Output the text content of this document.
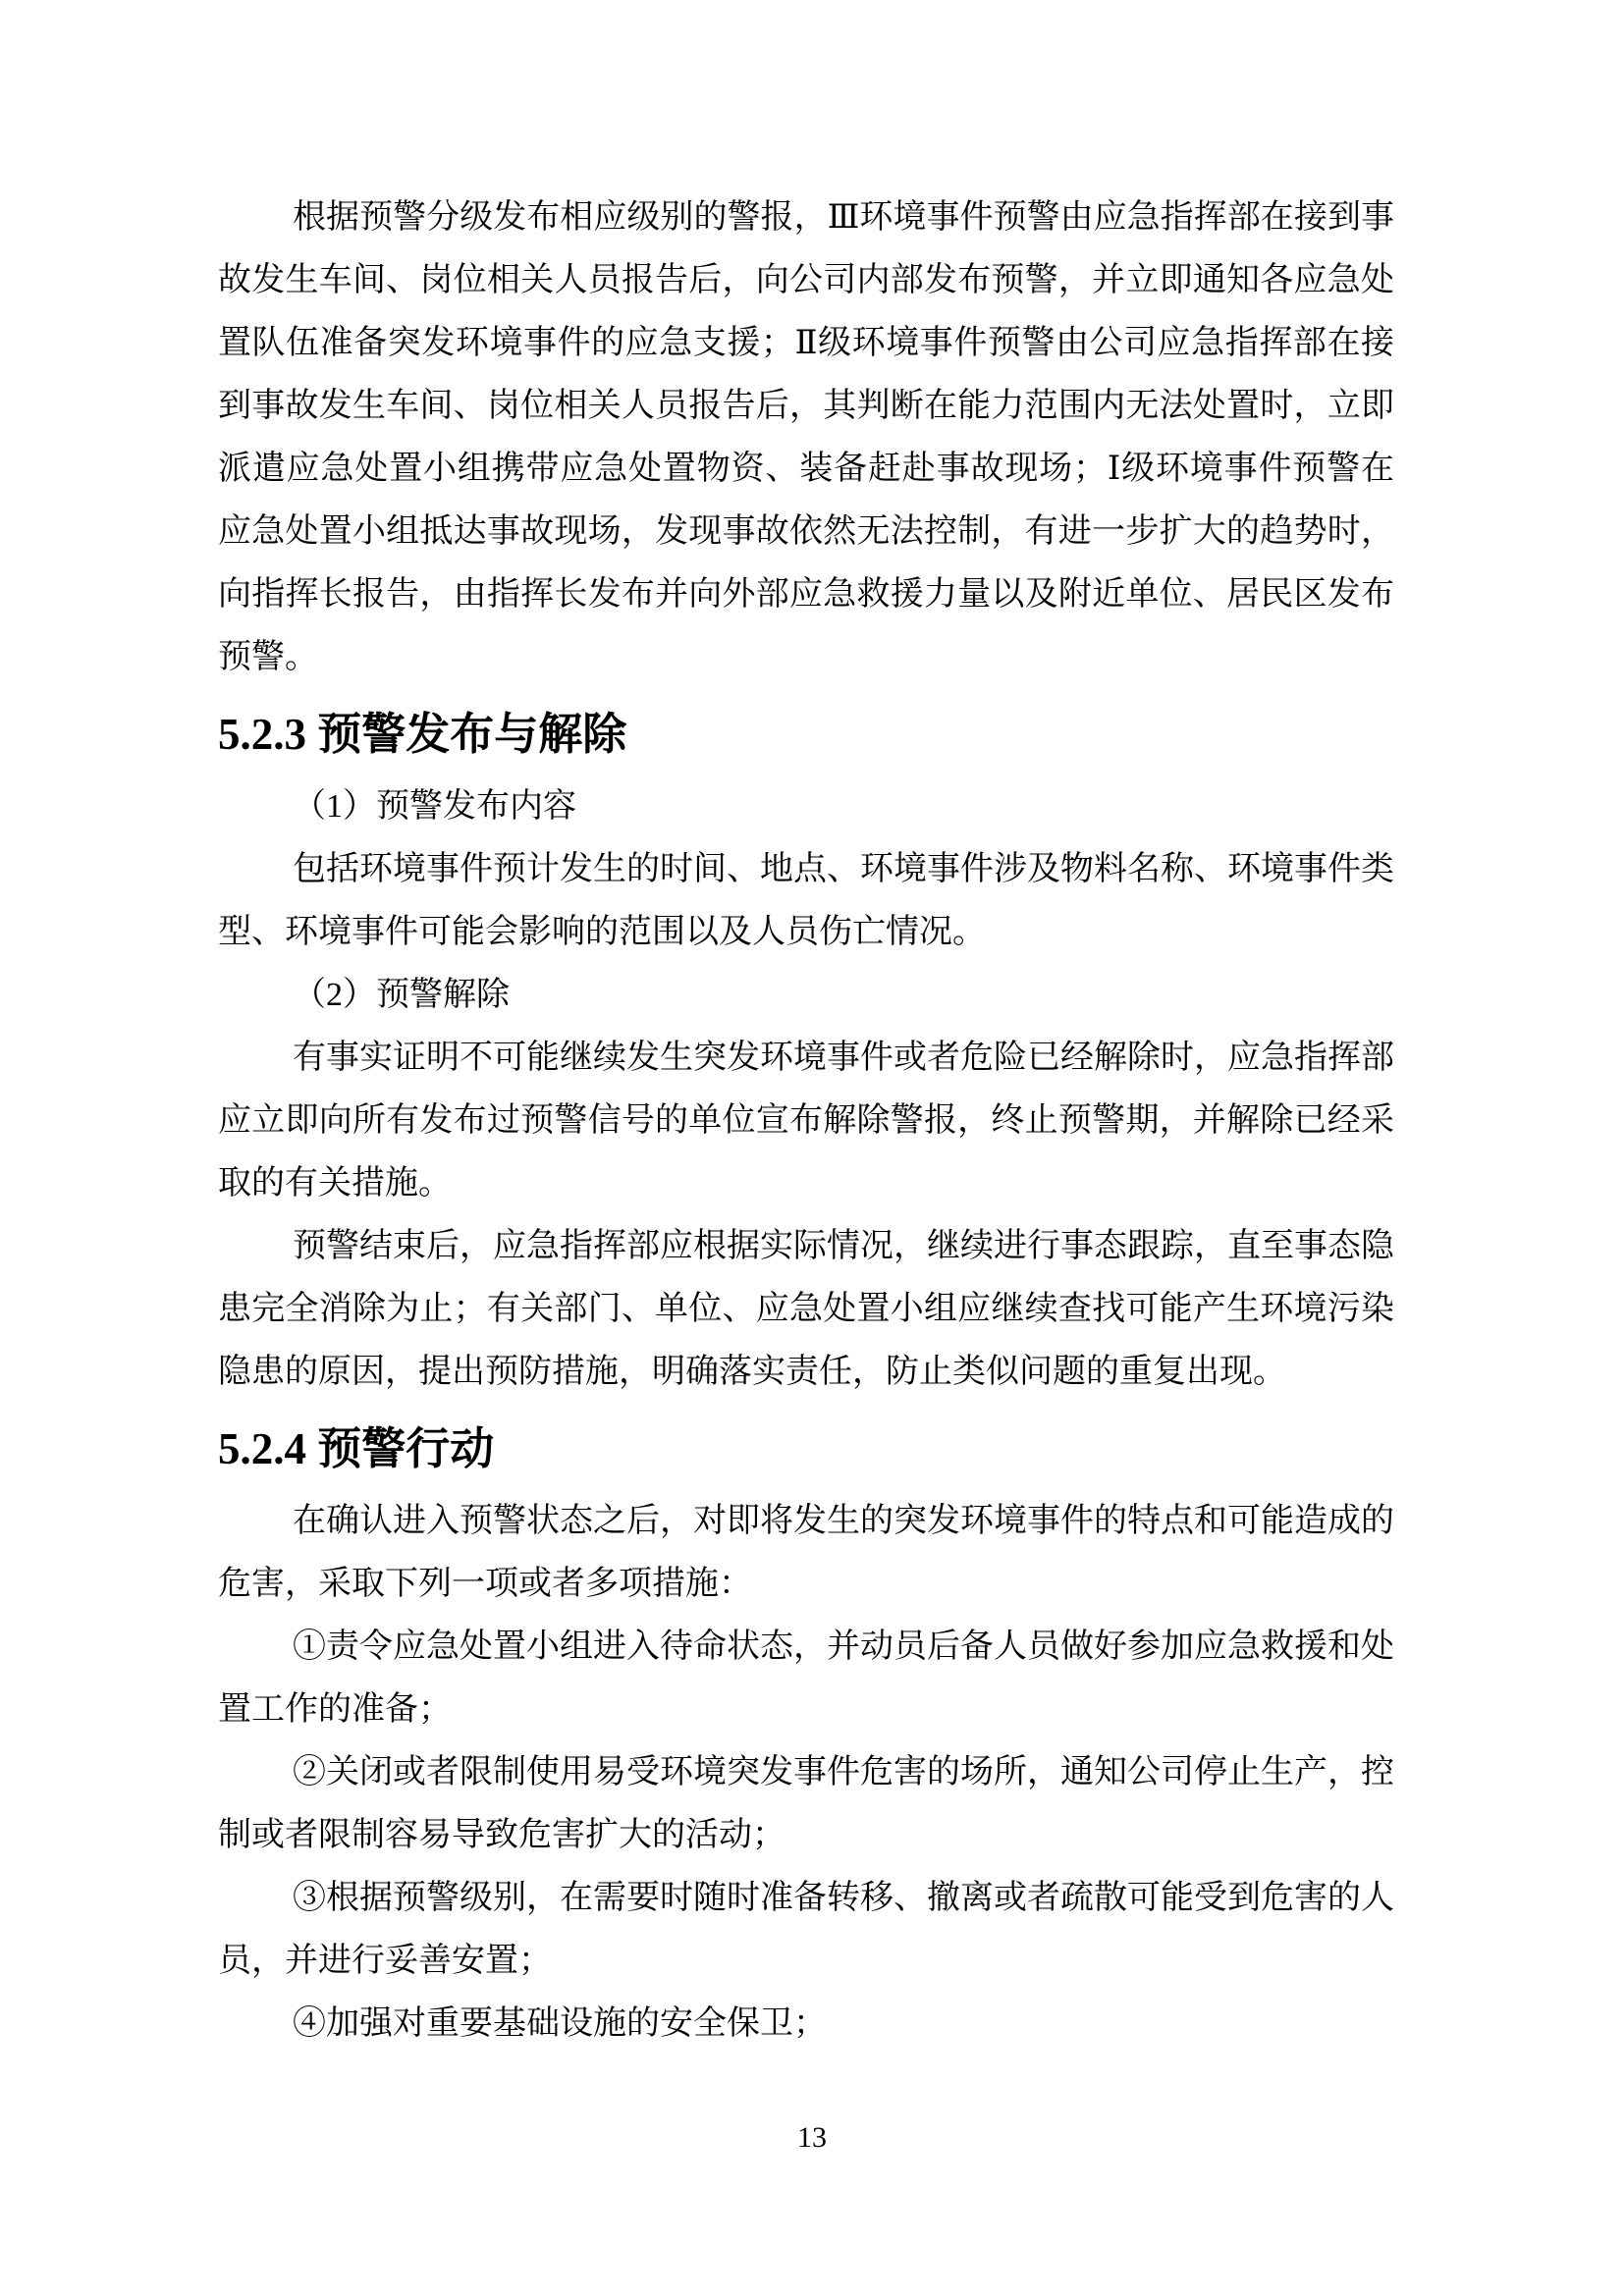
根据预警分级发布相应级别的警报，Ⅲ环境事件预警由应急指挥部在接到事故发生车间、岗位相关人员报告后，向公司内部发布预警，并立即通知各应急处置队伍准备突发环境事件的应急支援；Ⅱ级环境事件预警由公司应急指挥部在接到事故发生车间、岗位相关人员报告后，其判断在能力范围内无法处置时，立即派遣应急处置小组携带应急处置物资、装备赶赴事故现场；Ⅰ级环境事件预警在应急处置小组抵达事故现场，发现事故依然无法控制，有进一步扩大的趋势时，向指挥长报告，由指挥长发布并向外部应急救援力量以及附近单位、居民区发布预警。

5.2.3 预警发布与解除

（1）预警发布内容

包括环境事件预计发生的时间、地点、环境事件涉及物料名称、环境事件类型、环境事件可能会影响的范围以及人员伤亡情况。

（2）预警解除

有事实证明不可能继续发生突发环境事件或者危险已经解除时，应急指挥部应立即向所有发布过预警信号的单位宣布解除警报，终止预警期，并解除已经采取的有关措施。

预警结束后，应急指挥部应根据实际情况，继续进行事态跟踪，直至事态隐患完全消除为止；有关部门、单位、应急处置小组应继续查找可能产生环境污染隐患的原因，提出预防措施，明确落实责任，防止类似问题的重复出现。

5.2.4 预警行动

在确认进入预警状态之后，对即将发生的突发环境事件的特点和可能造成的危害，采取下列一项或者多项措施：

①责令应急处置小组进入待命状态，并动员后备人员做好参加应急救援和处置工作的准备；

②关闭或者限制使用易受环境突发事件危害的场所，通知公司停止生产，控制或者限制容易导致危害扩大的活动；

③根据预警级别，在需要时随时准备转移、撤离或者疏散可能受到危害的人员，并进行妥善安置；

④加强对重要基础设施的安全保卫；

13
